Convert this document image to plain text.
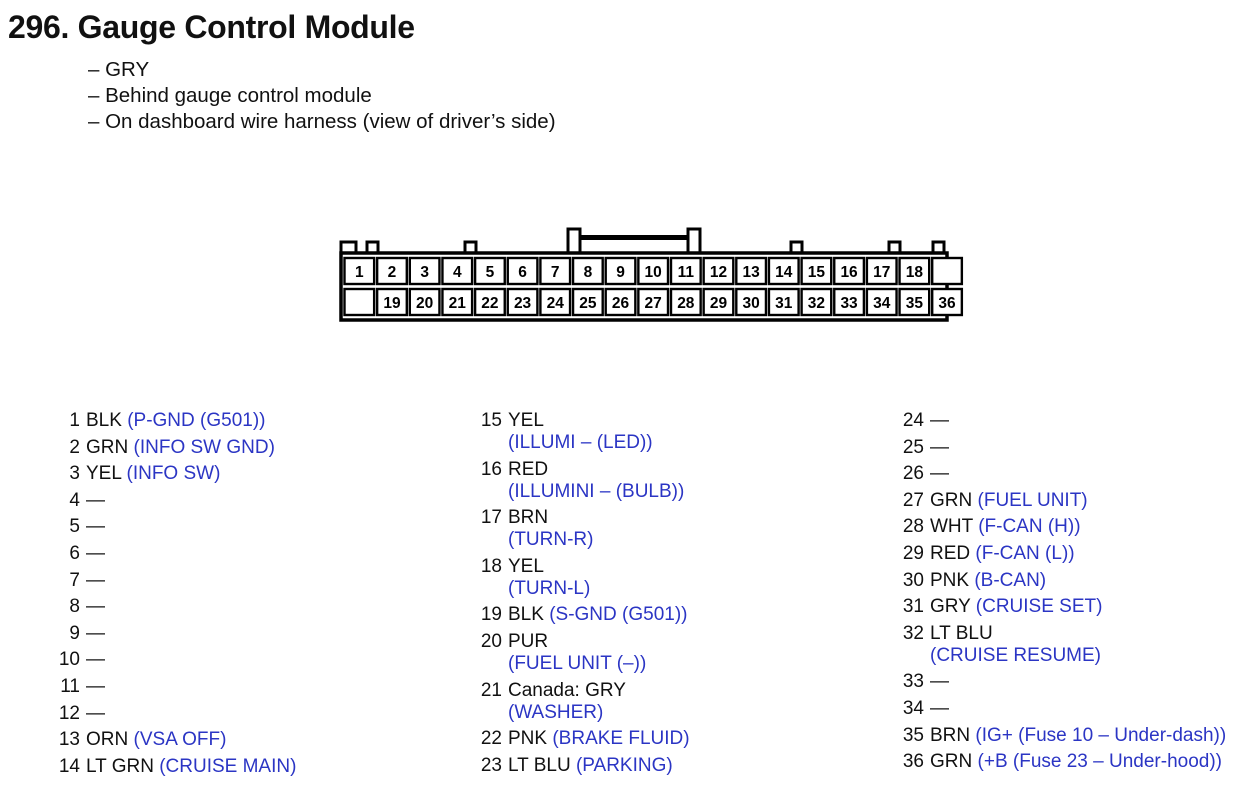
296. Gauge Control Module
– GRY
– Behind gauge control module
– On dashboard wire harness (view of driver’s side)
1 2 3 4 5 6 7 8 9 10 11 12 13 14 15 16 17 18
19 20 21 22 23 24 25 26 27 28 29 30 31 32 33 34 35 36
1 BLK (P-GND (G501))
2 GRN (INFO SW GND)
3 YEL (INFO SW)
4 —
5 —
6 —
7 —
8 —
9 —
10 —
11 —
12 —
13 ORN (VSA OFF)
14 LT GRN (CRUISE MAIN)
15 YEL
(ILLUMI – (LED))
16 RED
(ILLUMINI – (BULB))
17 BRN
(TURN-R)
18 YEL
(TURN-L)
19 BLK (S-GND (G501))
20 PUR
(FUEL UNIT (–))
21 Canada: GRY
(WASHER)
22 PNK (BRAKE FLUID)
23 LT BLU (PARKING)
24 —
25 —
26 —
27 GRN (FUEL UNIT)
28 WHT (F-CAN (H))
29 RED (F-CAN (L))
30 PNK (B-CAN)
31 GRY (CRUISE SET)
32 LT BLU
(CRUISE RESUME)
33 —
34 —
35 BRN (IG+ (Fuse 10 – Under-dash))
36 GRN (+B (Fuse 23 – Under-hood))
